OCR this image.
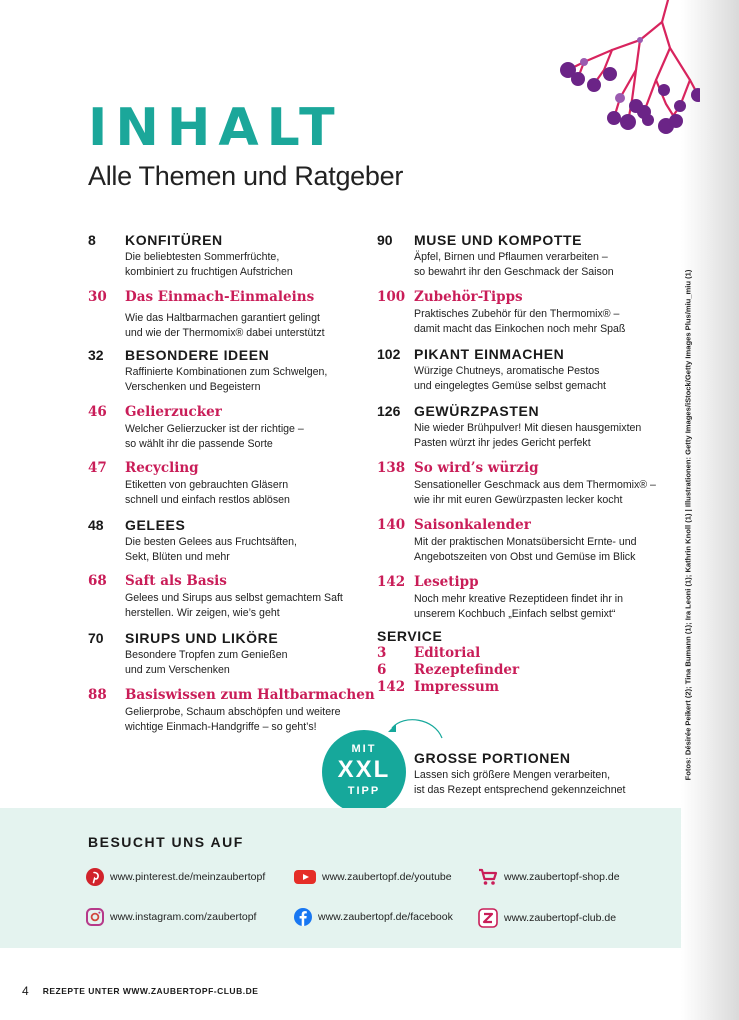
INHALT
Alle Themen und Ratgeber
8 KONFITÜREN
Die beliebtesten Sommerfrüchte,
kombiniert zu fruchtigen Aufstrichen
30 Das Einmach-Einmaleins
Wie das Haltbarmachen garantiert gelingt
und wie der Thermomix® dabei unterstützt
32 BESONDERE IDEEN
Raffinierte Kombinationen zum Schwelgen,
Verschenken und Begeistern
46 Gelierzucker
Welcher Gelierzucker ist der richtige –
so wählt ihr die passende Sorte
47 Recycling
Etiketten von gebrauchten Gläsern
schnell und einfach restlos ablösen
48 GELEES
Die besten Gelees aus Fruchtsäften,
Sekt, Blüten und mehr
68 Saft als Basis
Gelees und Sirups aus selbst gemachtem Saft
herstellen. Wir zeigen, wie’s geht
70 SIRUPS UND LIKÖRE
Besondere Tropfen zum Genießen
und zum Verschenken
88 Basiswissen zum Haltbarmachen
Gelierprobe, Schaum abschöpfen und weitere
wichtige Einmach-Handgriffe – so geht’s!
90 MUSE UND KOMPOTTE
Äpfel, Birnen und Pflaumen verarbeiten –
so bewahrt ihr den Geschmack der Saison
100 Zubehör-Tipps
Praktisches Zubehör für den Thermomix® –
damit macht das Einkochen noch mehr Spaß
102 PIKANT EINMACHEN
Würzige Chutneys, aromatische Pestos
und eingelegtes Gemüse selbst gemacht
126 GEWÜRZPASTEN
Nie wieder Brühpulver! Mit diesen hausgemixten
Pasten würzt ihr jedes Gericht perfekt
138 So wird’s würzig
Sensationeller Geschmack aus dem Thermomix® –
wie ihr mit euren Gewürzpasten lecker kocht
140 Saisonkalender
Mit der praktischen Monatsübersicht Ernte- und
Angebotszeiten von Obst und Gemüse im Blick
142 Lesetipp
Noch mehr kreative Rezeptideen findet ihr in
unserem Kochbuch „Einfach selbst gemixt“
SERVICE
3 Editorial
6 Rezeptefinder
142 Impressum
MIT
XXL
TIPP
GROSSE PORTIONEN
Lassen sich größere Mengen verarbeiten,
ist das Rezept entsprechend gekennzeichnet
Fotos: Désirée Peikert (2); Tina Bumann (1); Ira Leoni (1); Kathrin Knoll (1) | Illustrationen: Getty Images/iStock/Getty Images Plus/miu_miu (1)
BESUCHT UNS AUF
www.pinterest.de/meinzaubertopf	www.zaubertopf.de/youtube	www.zaubertopf-shop.de
www.instagram.com/zaubertopf	www.zaubertopf.de/facebook	www.zaubertopf-club.de
4 REZEPTE UNTER WWW.ZAUBERTOPF-CLUB.DE
